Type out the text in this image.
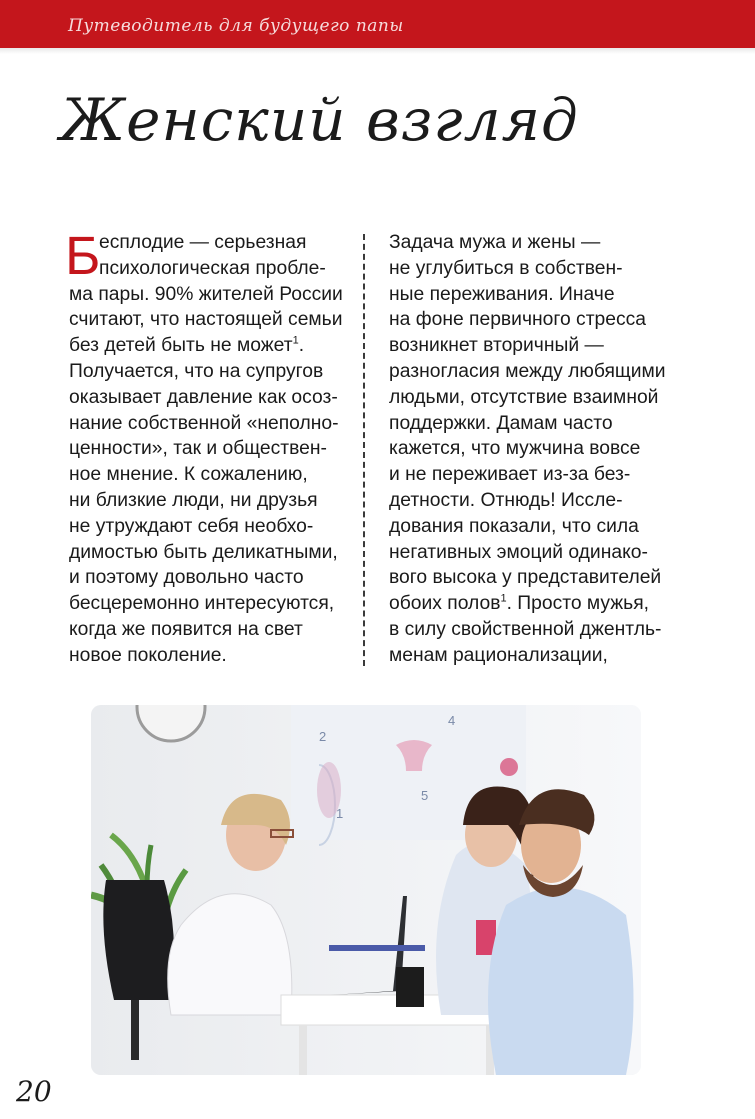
Путеводитель для будущего папы
Женский взгляд
Б
есплодие — серьезная
психологическая пробле-
ма пары. 90% жителей России
считают, что настоящей семьи
без детей быть не может$^1$.
Получается, что на супругов
оказывает давление как осоз-
нание собственной «неполно-
ценности», так и обществен-
ное мнение. К сожалению,
ни близкие люди, ни друзья
не утруждают себя необхо-
димостью быть деликатными,
и поэтому довольно часто
бесцеремонно интересуются,
когда же появится на свет
новое поколение.
Задача мужа и жены —
не углубиться в собствен-
ные переживания. Иначе
на фоне первичного стресса
возникнет вторичный —
разногласия между любящими
людьми, отсутствие взаимной
поддержки. Дамам часто
кажется, что мужчина вовсе
и не переживает из-за без-
детности. Отнюдь! Иссле-
дования показали, что сила
негативных эмоций одинако-
вого высока у представителей
обоих полов$^1$. Просто мужья,
в силу свойственной джентль-
менам рационализации,
2
4
1
5
20
